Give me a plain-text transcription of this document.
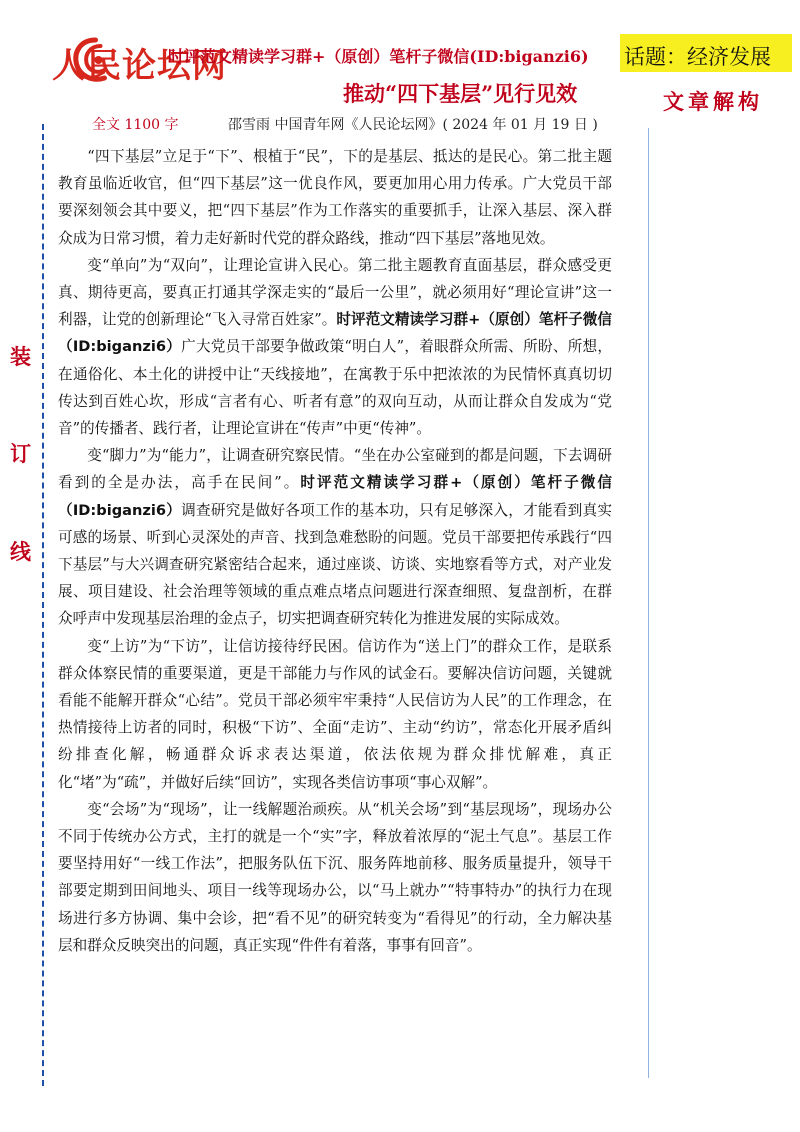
人民论坛网
时评范文精读学习群+（原创）笔杆子微信(ID:biganzi6) 话题：经济发展
推动“四下基层”见行见效	文章解构
全文 1100 字	邵雪雨 中国青年网《人民论坛网》( 2024 年 01 月 19 日 )
装
订
线

“四下基层”立足于“下”、根植于“民”，下的是基层、抵达的是民心。第二批主题教育虽临近收官，但“四下基层”这一优良作风，要更加用心用力传承。广大党员干部要深刻领会其中要义，把“四下基层”作为工作落实的重要抓手，让深入基层、深入群众成为日常习惯，着力走好新时代党的群众路线，推动“四下基层”落地见效。

变“单向”为“双向”，让理论宣讲入民心。第二批主题教育直面基层，群众感受更真、期待更高，要真正打通其学深走实的“最后一公里”，就必须用好“理论宣讲”这一利器，让党的创新理论“飞入寻常百姓家”。时评范文精读学习群+（原创）笔杆子微信（ID:biganzi6）广大党员干部要争做政策“明白人”，着眼群众所需、所盼、所想，在通俗化、本土化的讲授中让“天线接地”，在寓教于乐中把浓浓的为民情怀真真切切传达到百姓心坎，形成“言者有心、听者有意”的双向互动，从而让群众自发成为“党音”的传播者、践行者，让理论宣讲在“传声”中更“传神”。

变“脚力”为“能力”，让调查研究察民情。“坐在办公室碰到的都是问题，下去调研看到的全是办法，高手在民间”。时评范文精读学习群+（原创）笔杆子微信（ID:biganzi6）调查研究是做好各项工作的基本功，只有足够深入，才能看到真实可感的场景、听到心灵深处的声音、找到急难愁盼的问题。党员干部要把传承践行“四下基层”与大兴调查研究紧密结合起来，通过座谈、访谈、实地察看等方式，对产业发展、项目建设、社会治理等领域的重点难点堵点问题进行深查细照、复盘剖析，在群众呼声中发现基层治理的金点子，切实把调查研究转化为推进发展的实际成效。

变“上访”为“下访”，让信访接待纾民困。信访作为“送上门”的群众工作，是联系群众体察民情的重要渠道，更是干部能力与作风的试金石。要解决信访问题，关键就看能不能解开群众“心结”。党员干部必须牢牢秉持“人民信访为人民”的工作理念，在热情接待上访者的同时，积极“下访”、全面“走访”、主动“约访”，常态化开展矛盾纠纷排查化解，畅通群众诉求表达渠道，依法依规为群众排忧解难，真正化“堵”为“疏”，并做好后续“回访”，实现各类信访事项“事心双解”。

变“会场”为“现场”，让一线解题治顽疾。从“机关会场”到“基层现场”，现场办公不同于传统办公方式，主打的就是一个“实”字，释放着浓厚的“泥土气息”。基层工作要坚持用好“一线工作法”，把服务队伍下沉、服务阵地前移、服务质量提升，领导干部要定期到田间地头、项目一线等现场办公，以“马上就办”“特事特办”的执行力在现场进行多方协调、集中会诊，把“看不见”的研究转变为“看得见”的行动，全力解决基层和群众反映突出的问题，真正实现“件件有着落，事事有回音”。
